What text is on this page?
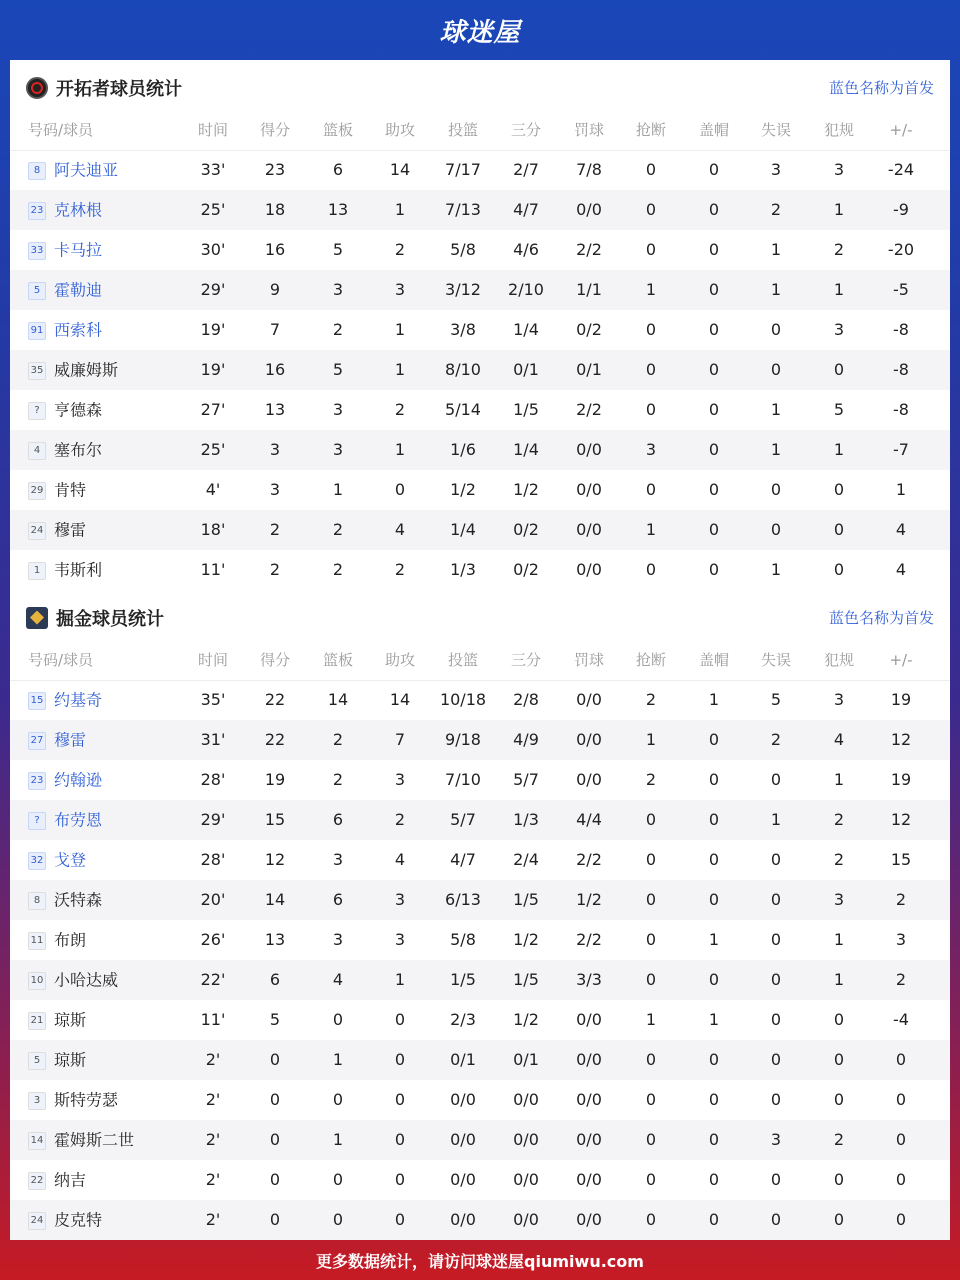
球迷屋
开拓者球员统计	蓝色名称为首发
号码/球员	时间	得分	篮板	助攻	投篮	三分	罚球	抢断	盖帽	失误	犯规	+/-
8 阿夫迪亚	33'	23	6	14	7/17	2/7	7/8	0	0	3	3	-24
23 克林根	25'	18	13	1	7/13	4/7	0/0	0	0	2	1	-9
33 卡马拉	30'	16	5	2	5/8	4/6	2/2	0	0	1	2	-20
5 霍勒迪	29'	9	3	3	3/12	2/10	1/1	1	0	1	1	-5
91 西索科	19'	7	2	1	3/8	1/4	0/2	0	0	0	3	-8
35 威廉姆斯	19'	16	5	1	8/10	0/1	0/1	0	0	0	0	-8
? 亨德森	27'	13	3	2	5/14	1/5	2/2	0	0	1	5	-8
4 塞布尔	25'	3	3	1	1/6	1/4	0/0	3	0	1	1	-7
29 肯特	4'	3	1	0	1/2	1/2	0/0	0	0	0	0	1
24 穆雷	18'	2	2	4	1/4	0/2	0/0	1	0	0	0	4
1 韦斯利	11'	2	2	2	1/3	0/2	0/0	0	0	1	0	4
掘金球员统计	蓝色名称为首发
号码/球员	时间	得分	篮板	助攻	投篮	三分	罚球	抢断	盖帽	失误	犯规	+/-
15 约基奇	35'	22	14	14	10/18	2/8	0/0	2	1	5	3	19
27 穆雷	31'	22	2	7	9/18	4/9	0/0	1	0	2	4	12
23 约翰逊	28'	19	2	3	7/10	5/7	0/0	2	0	0	1	19
? 布劳恩	29'	15	6	2	5/7	1/3	4/4	0	0	1	2	12
32 戈登	28'	12	3	4	4/7	2/4	2/2	0	0	0	2	15
8 沃特森	20'	14	6	3	6/13	1/5	1/2	0	0	0	3	2
11 布朗	26'	13	3	3	5/8	1/2	2/2	0	1	0	1	3
10 小哈达威	22'	6	4	1	1/5	1/5	3/3	0	0	0	1	2
21 琼斯	11'	5	0	0	2/3	1/2	0/0	1	1	0	0	-4
5 琼斯	2'	0	1	0	0/1	0/1	0/0	0	0	0	0	0
3 斯特劳瑟	2'	0	0	0	0/0	0/0	0/0	0	0	0	0	0
14 霍姆斯二世	2'	0	1	0	0/0	0/0	0/0	0	0	3	2	0
22 纳吉	2'	0	0	0	0/0	0/0	0/0	0	0	0	0	0
24 皮克特	2'	0	0	0	0/0	0/0	0/0	0	0	0	0	0
更多数据统计，请访问球迷屋qiumiwu.com
